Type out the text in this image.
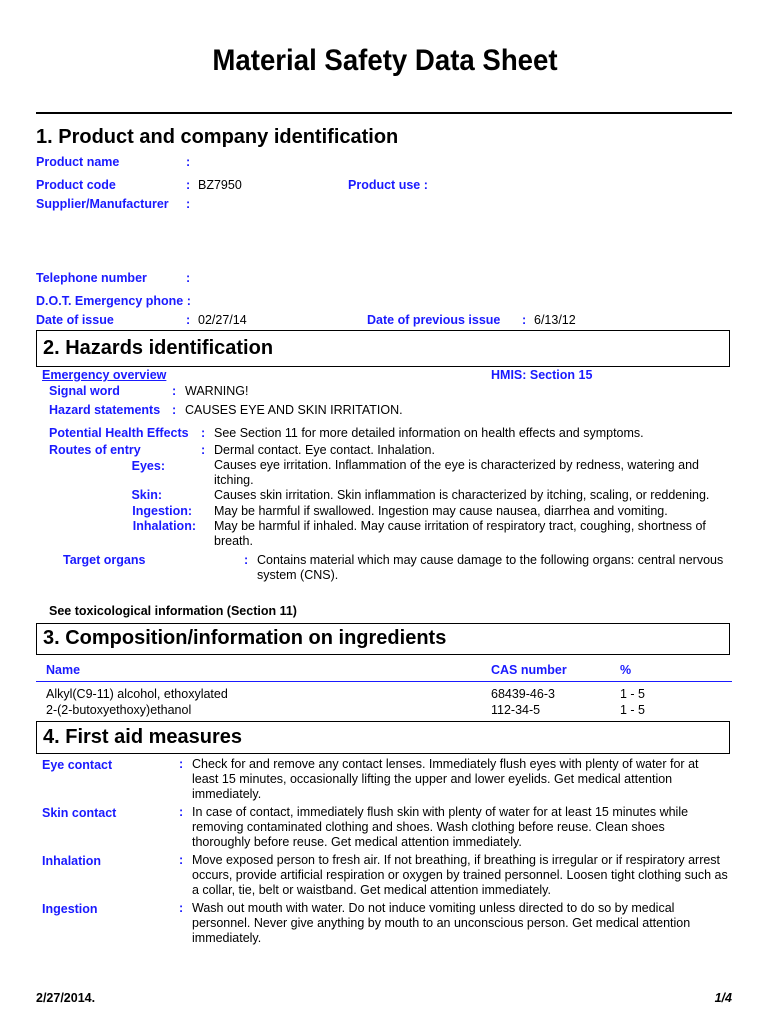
Material Safety Data Sheet
1. Product and company identification
Product name	:
Product code	: BZ7950	Product use :
Supplier/Manufacturer :
Telephone number	:
D.O.T. Emergency phone :
Date of issue	: 02/27/14	Date of previous issue : 6/13/12
2. Hazards identification
Emergency overview	HMIS: Section 15
Signal word	: WARNING!
Hazard statements : CAUSES EYE AND SKIN IRRITATION.
Potential Health Effects : See Section 11 for more detailed information on health effects and symptoms.
Routes of entry	: Dermal contact. Eye contact. Inhalation.
Eyes:	Causes eye irritation. Inflammation of the eye is characterized by redness, watering and itching.
Skin:	Causes skin irritation. Skin inflammation is characterized by itching, scaling, or reddening.
Ingestion: May be harmful if swallowed. Ingestion may cause nausea, diarrhea and vomiting.
Inhalation: May be harmful if inhaled. May cause irritation of respiratory tract, coughing, shortness of breath.
Target organs	: Contains material which may cause damage to the following organs: central nervous system (CNS).
See toxicological information (Section 11)
3. Composition/information on ingredients
Name	CAS number	%
Alkyl(C9-11) alcohol, ethoxylated	68439-46-3	1 - 5
2-(2-butoxyethoxy)ethanol	112-34-5	1 - 5
4. First aid measures
Eye contact	: Check for and remove any contact lenses. Immediately flush eyes with plenty of water for at least 15 minutes, occasionally lifting the upper and lower eyelids. Get medical attention immediately.
Skin contact	: In case of contact, immediately flush skin with plenty of water for at least 15 minutes while removing contaminated clothing and shoes. Wash clothing before reuse. Clean shoes thoroughly before reuse. Get medical attention immediately.
Inhalation	: Move exposed person to fresh air. If not breathing, if breathing is irregular or if respiratory arrest occurs, provide artificial respiration or oxygen by trained personnel. Loosen tight clothing such as a collar, tie, belt or waistband. Get medical attention immediately.
Ingestion	: Wash out mouth with water. Do not induce vomiting unless directed to do so by medical personnel. Never give anything by mouth to an unconscious person. Get medical attention immediately.
2/27/2014.	1/4
